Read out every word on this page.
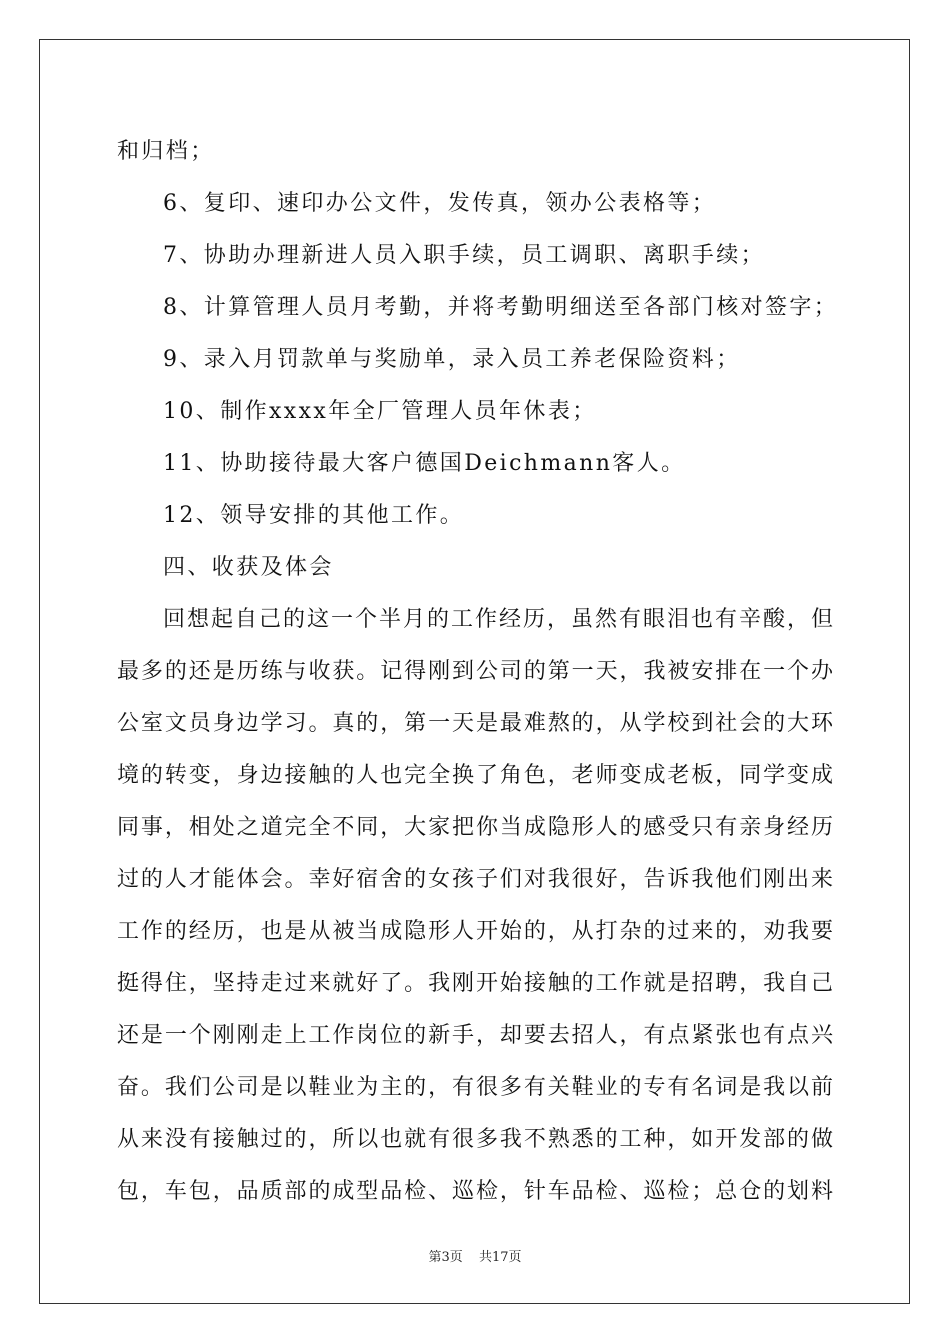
和归档；
6、复印、速印办公文件，发传真，领办公表格等；
7、协助办理新进人员入职手续，员工调职、离职手续；
8、计算管理人员月考勤，并将考勤明细送至各部门核对签字；
9、录入月罚款单与奖励单，录入员工养老保险资料；
10、制作xxxx年全厂管理人员年休表；
11、协助接待最大客户德国Deichmann客人。
12、领导安排的其他工作。
四、收获及体会
回想起自己的这一个半月的工作经历，虽然有眼泪也有辛酸，但
最多的还是历练与收获。记得刚到公司的第一天，我被安排在一个办
公室文员身边学习。真的，第一天是最难熬的，从学校到社会的大环
境的转变，身边接触的人也完全换了角色，老师变成老板，同学变成
同事，相处之道完全不同，大家把你当成隐形人的感受只有亲身经历
过的人才能体会。幸好宿舍的女孩子们对我很好，告诉我他们刚出来
工作的经历，也是从被当成隐形人开始的，从打杂的过来的，劝我要
挺得住，坚持走过来就好了。我刚开始接触的工作就是招聘，我自己
还是一个刚刚走上工作岗位的新手，却要去招人，有点紧张也有点兴
奋。我们公司是以鞋业为主的，有很多有关鞋业的专有名词是我以前
从来没有接触过的，所以也就有很多我不熟悉的工种，如开发部的做
包，车包，品质部的成型品检、巡检，针车品检、巡检；总仓的划料
第3页 共17页
